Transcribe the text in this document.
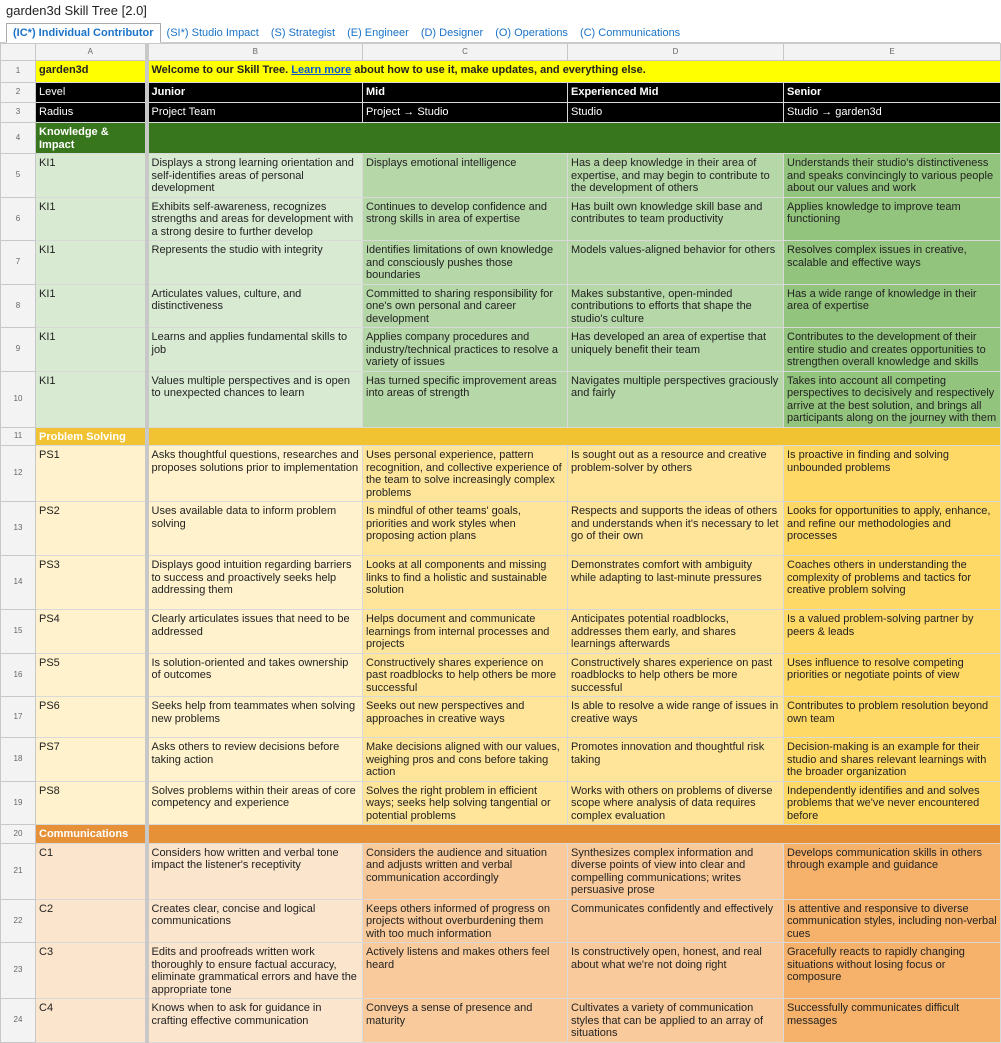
garden3d Skill Tree [2.0]
(IC*) Individual Contributor	(SI*) Studio Impact	(S) Strategist	(E) Engineer	(D) Designer	(O) Operations	(C) Communications
	A	B	C	D	E
1	garden3d	Welcome to our Skill Tree. Learn more about how to use it, make updates, and everything else.			
2	Level	Junior	Mid	Experienced Mid	Senior
3	Radius	Project Team	Project → Studio	Studio	Studio → garden3d
4	Knowledge & Impact				
5	KI1	Displays a strong learning orientation and self-identifies areas of personal development	Displays emotional intelligence	Has a deep knowledge in their area of expertise, and may begin to contribute to the development of others	Understands their studio's distinctiveness and speaks convincingly to various people about our values and work
6	KI1	Exhibits self-awareness, recognizes strengths and areas for development with a strong desire to further develop	Continues to develop confidence and strong skills in area of expertise	Has built own knowledge skill base and contributes to team productivity	Applies knowledge to improve team functioning
7	KI1	Represents the studio with integrity	Identifies limitations of own knowledge and consciously pushes those boundaries	Models values-aligned behavior for others	Resolves complex issues in creative, scalable and effective ways
8	KI1	Articulates values, culture, and distinctiveness	Committed to sharing responsibility for one's own personal and career development	Makes substantive, open-minded contributions to efforts that shape the studio's culture	Has a wide range of knowledge in their area of expertise
9	KI1	Learns and applies fundamental skills to job	Applies company procedures and industry/technical practices to resolve a variety of issues	Has developed an area of expertise that uniquely benefit their team	Contributes to the development of their entire studio and creates opportunities to strengthen overall knowledge and skills
10	KI1	Values multiple perspectives and is open to unexpected chances to learn	Has turned specific improvement areas into areas of strength	Navigates multiple perspectives graciously and fairly	Takes into account all competing perspectives to decisively and respectively arrive at the best solution, and brings all participants along on the journey with them
11	Problem Solving				
12	PS1	Asks thoughtful questions, researches and proposes solutions prior to implementation	Uses personal experience, pattern recognition, and collective experience of the team to solve increasingly complex problems	Is sought out as a resource and creative problem-solver by others	Is proactive in finding and solving unbounded problems
13	PS2	Uses available data to inform problem solving	Is mindful of other teams' goals, priorities and work styles when proposing action plans	Respects and supports the ideas of others and understands when it's necessary to let go of their own	Looks for opportunities to apply, enhance, and refine our methodologies and processes
14	PS3	Displays good intuition regarding barriers to success and proactively seeks help addressing them	Looks at all components and missing links to find a holistic and sustainable solution	Demonstrates comfort with ambiguity while adapting to last-minute pressures	Coaches others in understanding the complexity of problems and tactics for creative problem solving
15	PS4	Clearly articulates issues that need to be addressed	Helps document and communicate learnings from internal processes and projects	Anticipates potential roadblocks, addresses them early, and shares learnings afterwards	Is a valued problem-solving partner by peers & leads
16	PS5	Is solution-oriented and takes ownership of outcomes	Constructively shares experience on past roadblocks to help others be more successful	Constructively shares experience on past roadblocks to help others be more successful	Uses influence to resolve competing priorities or negotiate points of view
17	PS6	Seeks help from teammates when solving new problems	Seeks out new perspectives and approaches in creative ways	Is able to resolve a wide range of issues in creative ways	Contributes to problem resolution beyond own team
18	PS7	Asks others to review decisions before taking action	Make decisions aligned with our values, weighing pros and cons before taking action	Promotes innovation and thoughtful risk taking	Decision-making is an example for their studio and shares relevant learnings with the broader organization
19	PS8	Solves problems within their areas of core competency and experience	Solves the right problem in efficient ways; seeks help solving tangential or potential problems	Works with others on problems of diverse scope where analysis of data requires complex evaluation	Independently identifies and and solves problems that we've never encountered before
20	Communications				
21	C1	Considers how written and verbal tone impact the listener's receptivity	Considers the audience and situation and adjusts written and verbal communication accordingly	Synthesizes complex information and diverse points of view into clear and compelling communications; writes persuasive prose	Develops communication skills in others through example and guidance
22	C2	Creates clear, concise and logical communications	Keeps others informed of progress on projects without overburdening them with too much information	Communicates confidently and effectively	Is attentive and responsive to diverse communication styles, including non-verbal cues
23	C3	Edits and proofreads written work thoroughly to ensure factual accuracy, eliminate grammatical errors and have the appropriate tone	Actively listens and makes others feel heard	Is constructively open, honest, and real about what we're not doing right	Gracefully reacts to rapidly changing situations without losing focus or composure
24	C4	Knows when to ask for guidance in crafting effective communication	Conveys a sense of presence and maturity	Cultivates a variety of communication styles that can be applied to an array of situations	Successfully communicates difficult messages
